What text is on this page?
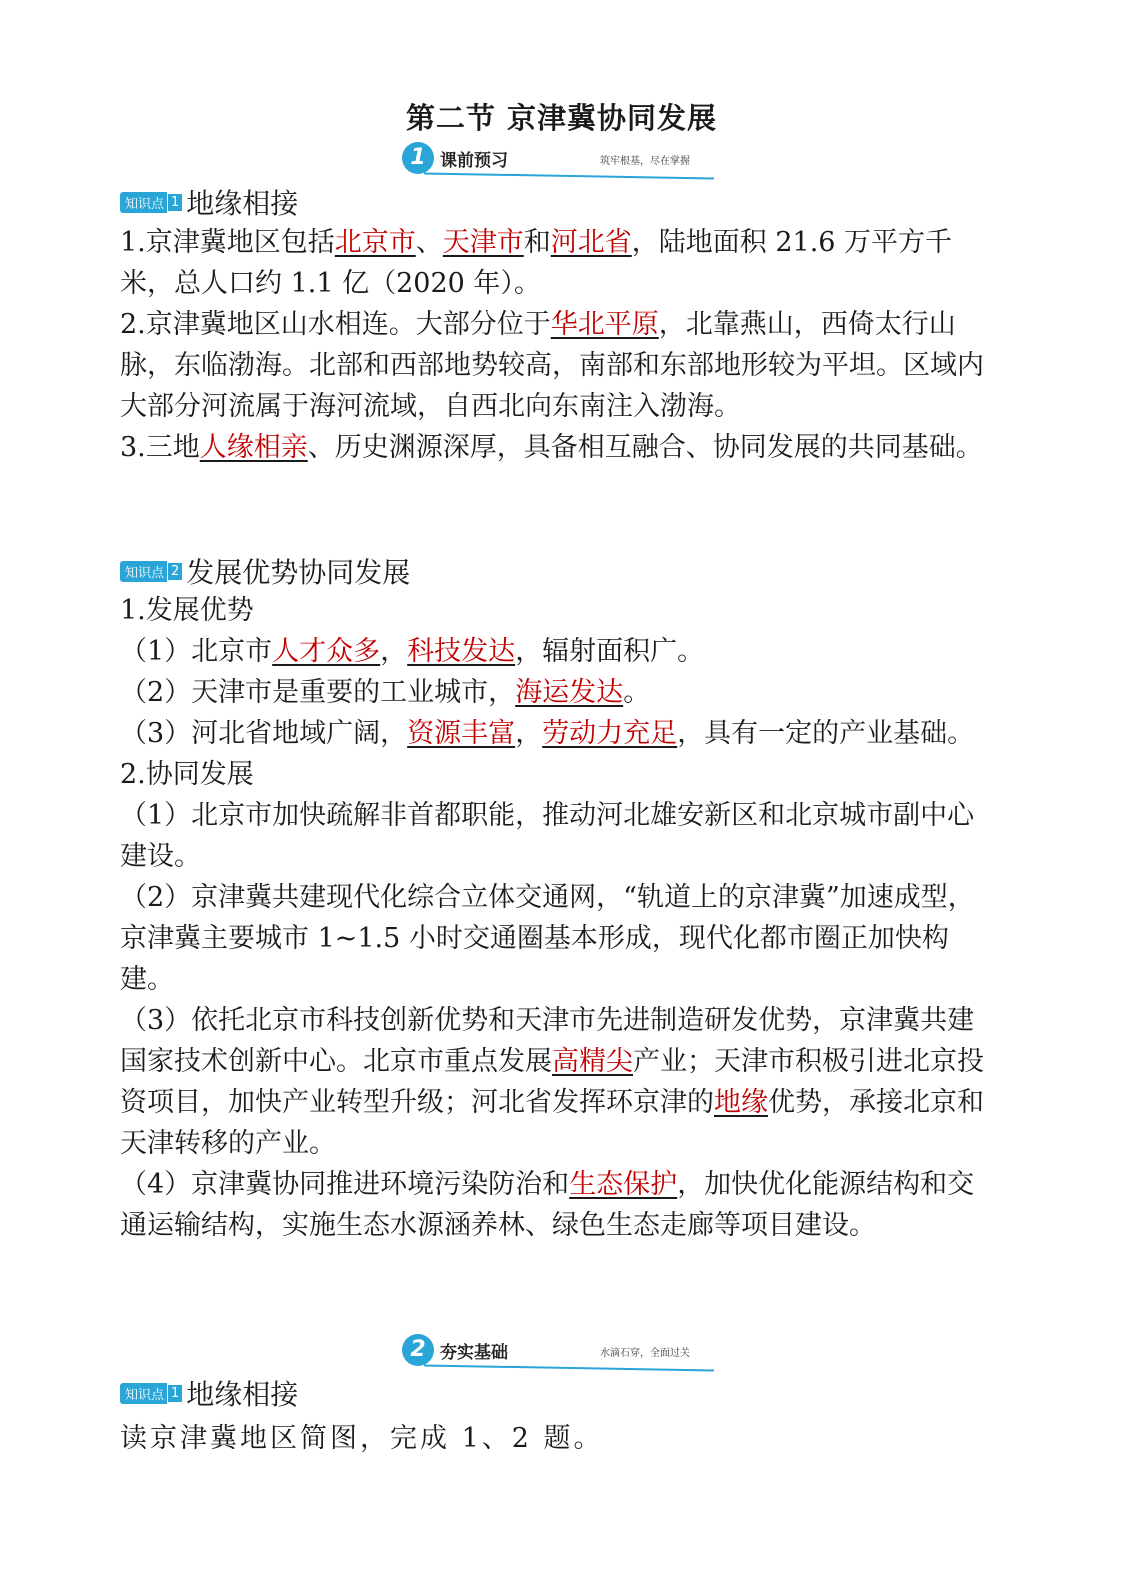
第二节 京津冀协同发展
1 课前预习	筑牢根基，尽在掌握
知识点 1 地缘相接

1.京津冀地区包括北京市、天津市和河北省，陆地面积 21.6 万平方千米，总人口约 1.1 亿（2020 年）。

2.京津冀地区山水相连。大部分位于华北平原，北靠燕山，西倚太行山脉，东临渤海。北部和西部地势较高，南部和东部地形较为平坦。区域内大部分河流属于海河流域，自西北向东南注入渤海。

3.三地人缘相亲、历史渊源深厚，具备相互融合、协同发展的共同基础。

知识点 2 发展优势协同发展

1.发展优势

（1）北京市人才众多，科技发达，辐射面积广。

（2）天津市是重要的工业城市，海运发达。

（3）河北省地域广阔，资源丰富，劳动力充足，具有一定的产业基础。

2.协同发展

（1）北京市加快疏解非首都职能，推动河北雄安新区和北京城市副中心建设。

（2）京津冀共建现代化综合立体交通网，“轨道上的京津冀”加速成型，京津冀主要城市 1~1.5 小时交通圈基本形成，现代化都市圈正加快构建。

（3）依托北京市科技创新优势和天津市先进制造研发优势，京津冀共建国家技术创新中心。北京市重点发展高精尖产业；天津市积极引进北京投资项目，加快产业转型升级；河北省发挥环京津的地缘优势，承接北京和天津转移的产业。

（4）京津冀协同推进环境污染防治和生态保护，加快优化能源结构和交通运输结构，实施生态水源涵养林、绿色生态走廊等项目建设。

2 夯实基础	水滴石穿，全面过关
知识点 1 地缘相接
读京津冀地区简图，完成 1、2 题。
